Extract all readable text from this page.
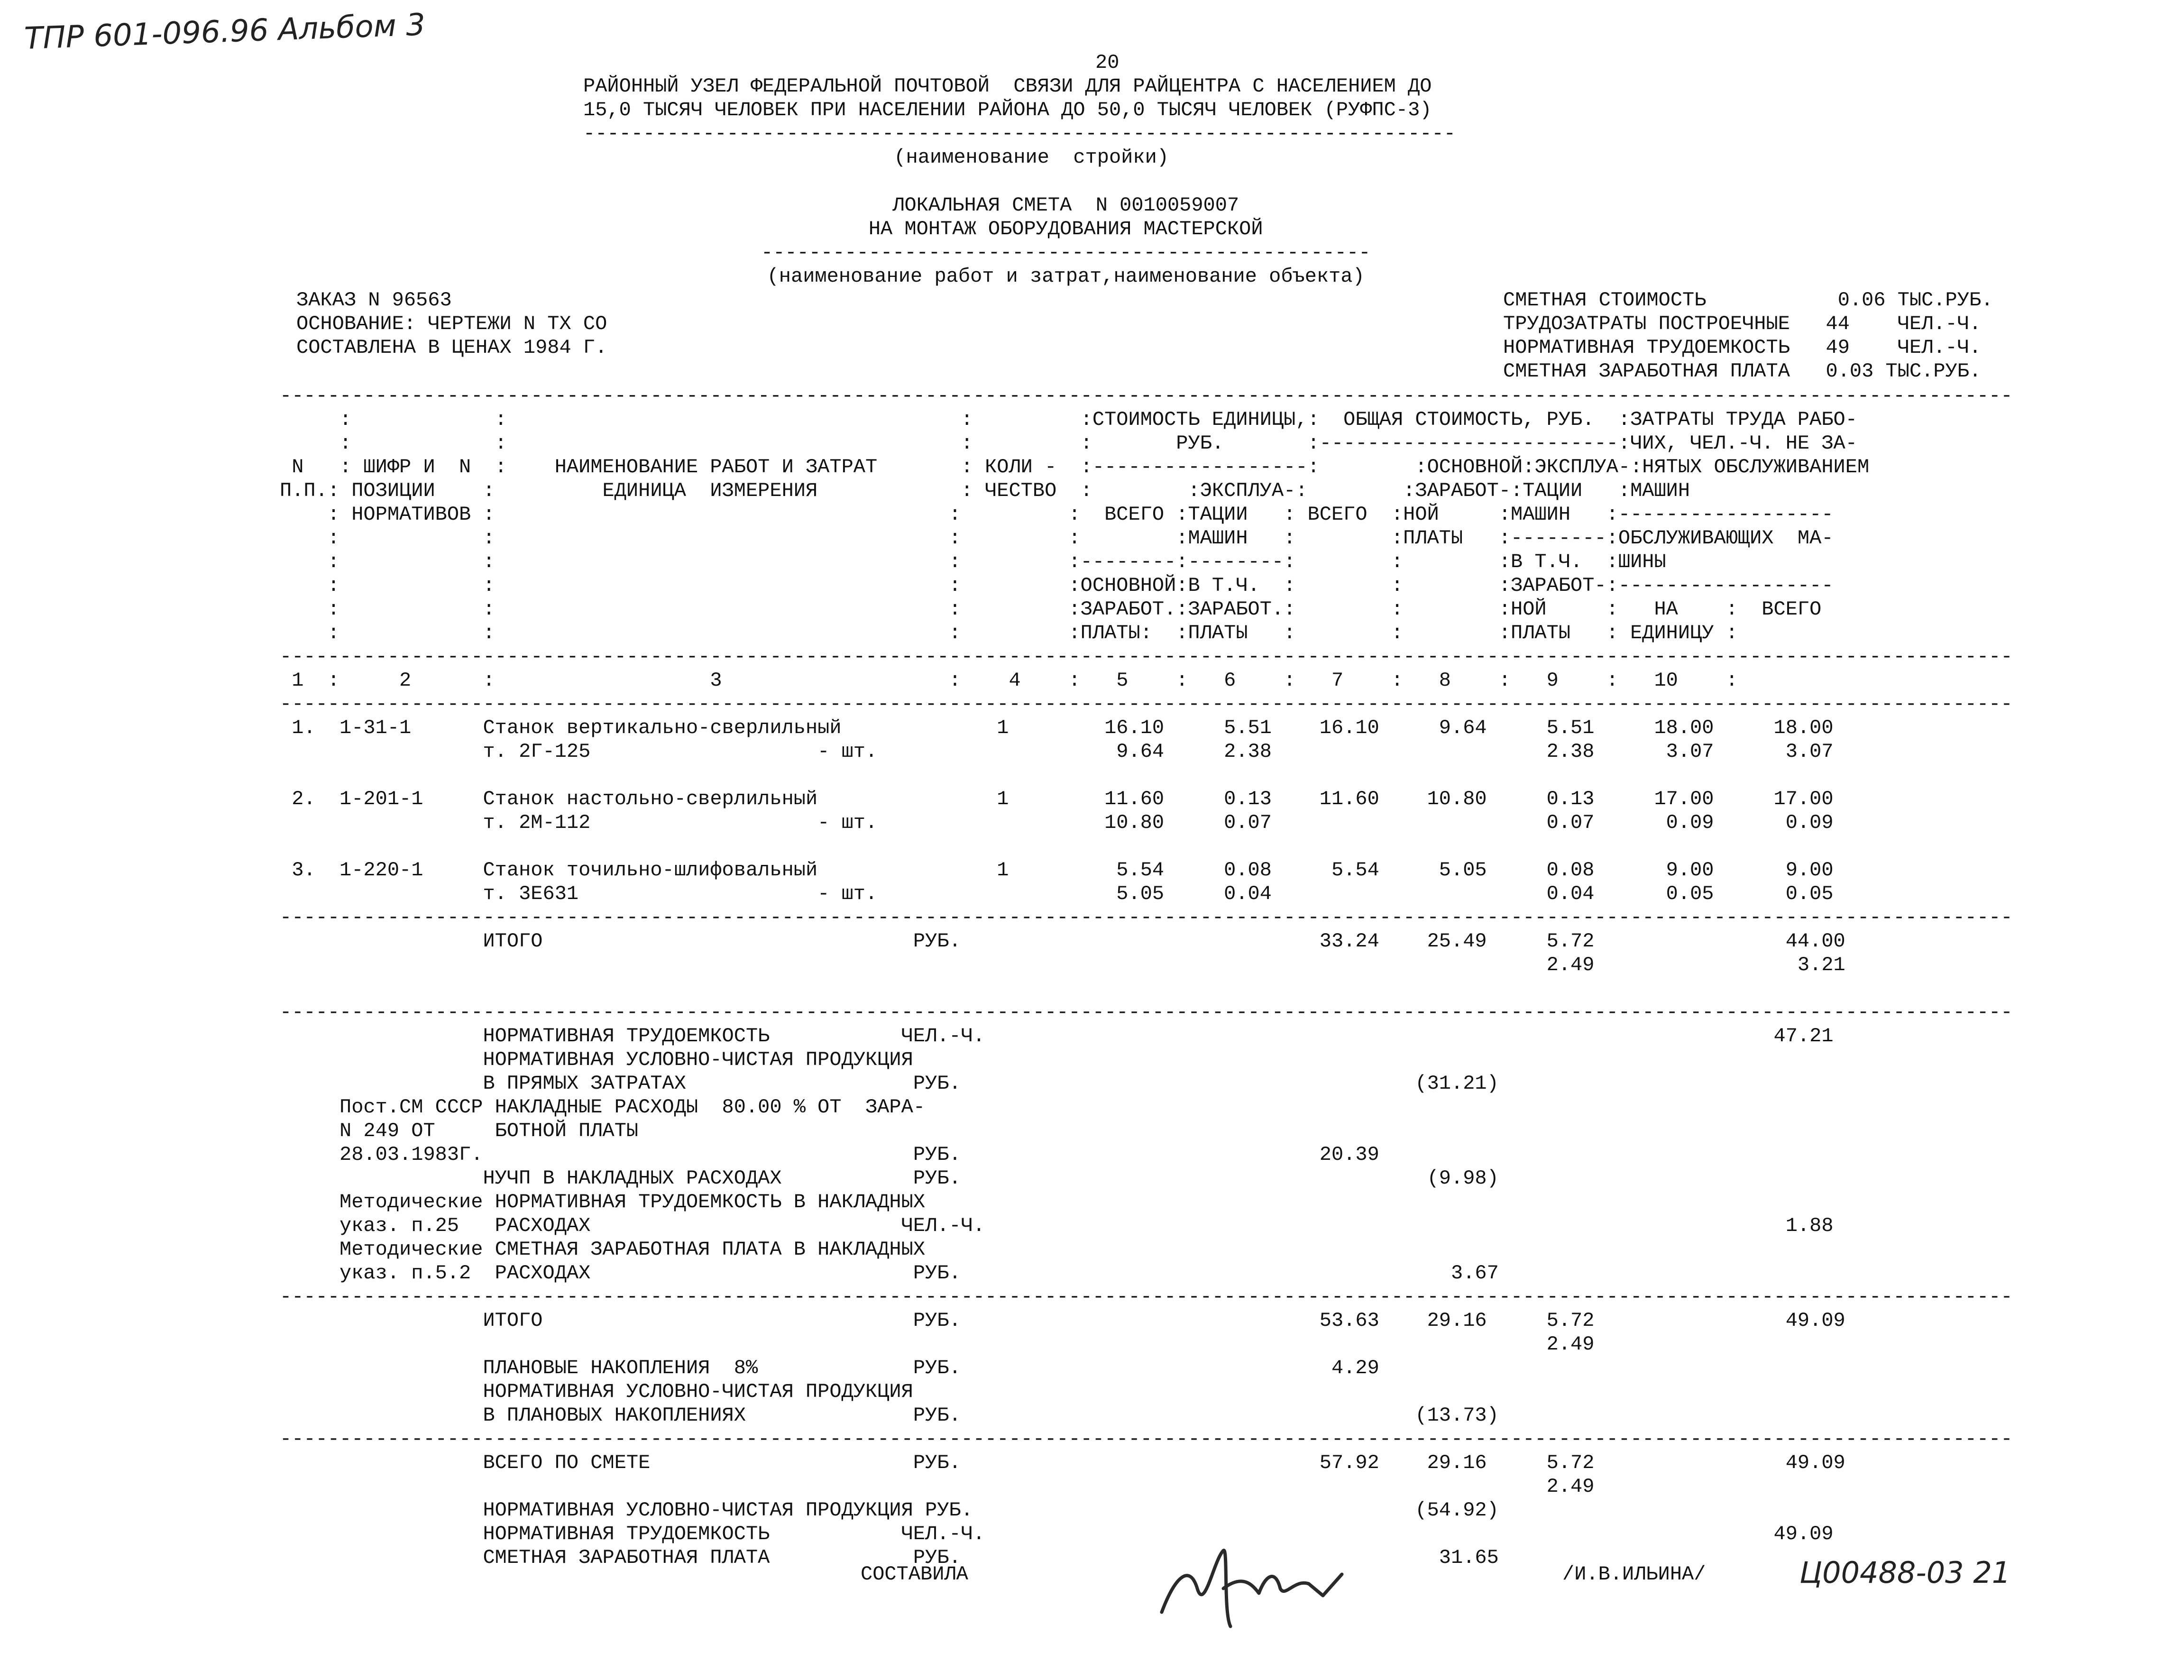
ТПР 601-096.96 Альбом 3
20
РАЙОННЫЙ УЗЕЛ ФЕДЕРАЛЬНОЙ ПОЧТОВОЙ  СВЯЗИ ДЛЯ РАЙЦЕНТРА С НАСЕЛЕНИЕМ ДО
15,0 ТЫСЯЧ ЧЕЛОВЕК ПРИ НАСЕЛЕНИИ РАЙОНА ДО 50,0 ТЫСЯЧ ЧЕЛОВЕК (РУФПС-3)
-------------------------------------------------------------------------
(наименование  стройки)
ЛОКАЛЬНАЯ СМЕТА  N 0010059007
НА МОНТАЖ ОБОРУДОВАНИЯ МАСТЕРСКОЙ
---------------------------------------------------
(наименование работ и затрат,наименование объекта)
ЗАКАЗ N 96563
ОСНОВАНИЕ: ЧЕРТЕЖИ N ТХ СО
СОСТАВЛЕНА В ЦЕНАХ 1984 Г.
СМЕТНАЯ СТОИМОСТЬ           0.06 ТЫС.РУБ.
ТРУДОЗАТРАТЫ ПОСТРОЕЧНЫЕ   44    ЧЕЛ.-Ч.
НОРМАТИВНАЯ ТРУДОЕМКОСТЬ   49    ЧЕЛ.-Ч.
СМЕТНАЯ ЗАРАБОТНАЯ ПЛАТА   0.03 ТЫС.РУБ.
-------------------------------------------------------------------------------------------------------------------------------------------------
:            :                                      :         :СТОИМОСТЬ ЕДИНИЦЫ,:  ОБЩАЯ СТОИМОСТЬ, РУБ.  :ЗАТРАТЫ ТРУДА РАБО-
:            :                                      :         :       РУБ.       :-------------------------:ЧИХ, ЧЕЛ.-Ч. НЕ ЗА-
N   : ШИФР И  N  :    НАИМЕНОВАНИЕ РАБОТ И ЗАТРАТ       : КОЛИ -  :------------------:        :ОСНОВНОЙ:ЭКСПЛУА-:НЯТЫХ ОБСЛУЖИВАНИЕМ
П.П.: ПОЗИЦИИ    :         ЕДИНИЦА  ИЗМЕРЕНИЯ            : ЧЕСТВО  :        :ЭКСПЛУА-:        :ЗАРАБОТ-:ТАЦИИ   :МАШИН
: НОРМАТИВОВ :                                      :         :  ВСЕГО :ТАЦИИ   : ВСЕГО  :НОЙ     :МАШИН   :------------------
:            :                                      :         :        :МАШИН   :        :ПЛАТЫ   :--------:ОБСЛУЖИВАЮЩИХ  МА-
:            :                                      :         :--------:--------:        :        :В Т.Ч.  :ШИНЫ
:            :                                      :         :ОСНОВНОЙ:В Т.Ч.  :        :        :ЗАРАБОТ-:------------------
:            :                                      :         :ЗАРАБОТ.:ЗАРАБОТ.:        :        :НОЙ     :   НА    :  ВСЕГО
:            :                                      :         :ПЛАТЫ:  :ПЛАТЫ   :        :        :ПЛАТЫ   : ЕДИНИЦУ :
-------------------------------------------------------------------------------------------------------------------------------------------------
1  :     2      :                  3                   :    4    :   5    :   6    :   7    :   8    :   9    :   10    :
-------------------------------------------------------------------------------------------------------------------------------------------------

1.  1-31-1      Станок вертикально-сверлильный             1        16.10     5.51    16.10     9.64     5.51     18.00     18.00
т. 2Г-125                   - шт.                    9.64     2.38                       2.38      3.07      3.07

2.  1-201-1     Станок настольно-сверлильный               1        11.60     0.13    11.60    10.80     0.13     17.00     17.00
т. 2М-112                   - шт.                   10.80     0.07                       0.07      0.09      0.09

3.  1-220-1     Станок точильно-шлифовальный               1         5.54     0.08     5.54     5.05     0.08      9.00      9.00
т. 3Е631                    - шт.                    5.05     0.04                       0.04      0.05      0.05
-------------------------------------------------------------------------------------------------------------------------------------------------
ИТОГО                               РУБ.                              33.24    25.49     5.72                44.00
2.49                 3.21

-------------------------------------------------------------------------------------------------------------------------------------------------
НОРМАТИВНАЯ ТРУДОЕМКОСТЬ           ЧЕЛ.-Ч.                                                                  47.21
НОРМАТИВНАЯ УСЛОВНО-ЧИСТАЯ ПРОДУКЦИЯ
В ПРЯМЫХ ЗАТРАТАХ                   РУБ.                                      (31.21)
Пост.СМ СССР НАКЛАДНЫЕ РАСХОДЫ  80.00 % ОТ  ЗАРА-
N 249 ОТ     БОТНОЙ ПЛАТЫ
28.03.1983Г.                                    РУБ.                              20.39
НУЧП В НАКЛАДНЫХ РАСХОДАХ           РУБ.                                       (9.98)
Методические НОРМАТИВНАЯ ТРУДОЕМКОСТЬ В НАКЛАДНЫХ
указ. п.25   РАСХОДАХ                          ЧЕЛ.-Ч.                                                                   1.88
Методические СМЕТНАЯ ЗАРАБОТНАЯ ПЛАТА В НАКЛАДНЫХ
указ. п.5.2  РАСХОДАХ                           РУБ.                                         3.67
-------------------------------------------------------------------------------------------------------------------------------------------------
ИТОГО                               РУБ.                              53.63    29.16     5.72                49.09
2.49
ПЛАНОВЫЕ НАКОПЛЕНИЯ  8%             РУБ.                               4.29
НОРМАТИВНАЯ УСЛОВНО-ЧИСТАЯ ПРОДУКЦИЯ
В ПЛАНОВЫХ НАКОПЛЕНИЯХ              РУБ.                                      (13.73)
-------------------------------------------------------------------------------------------------------------------------------------------------
ВСЕГО ПО СМЕТЕ                      РУБ.                              57.92    29.16     5.72                49.09
2.49
НОРМАТИВНАЯ УСЛОВНО-ЧИСТАЯ ПРОДУКЦИЯ РУБ.                                     (54.92)
НОРМАТИВНАЯ ТРУДОЕМКОСТЬ           ЧЕЛ.-Ч.                                                                  49.09
СМЕТНАЯ ЗАРАБОТНАЯ ПЛАТА            РУБ.                                        31.65
СОСТАВИЛА	/И.В.ИЛЬИНА/	Ц00488-03 21
